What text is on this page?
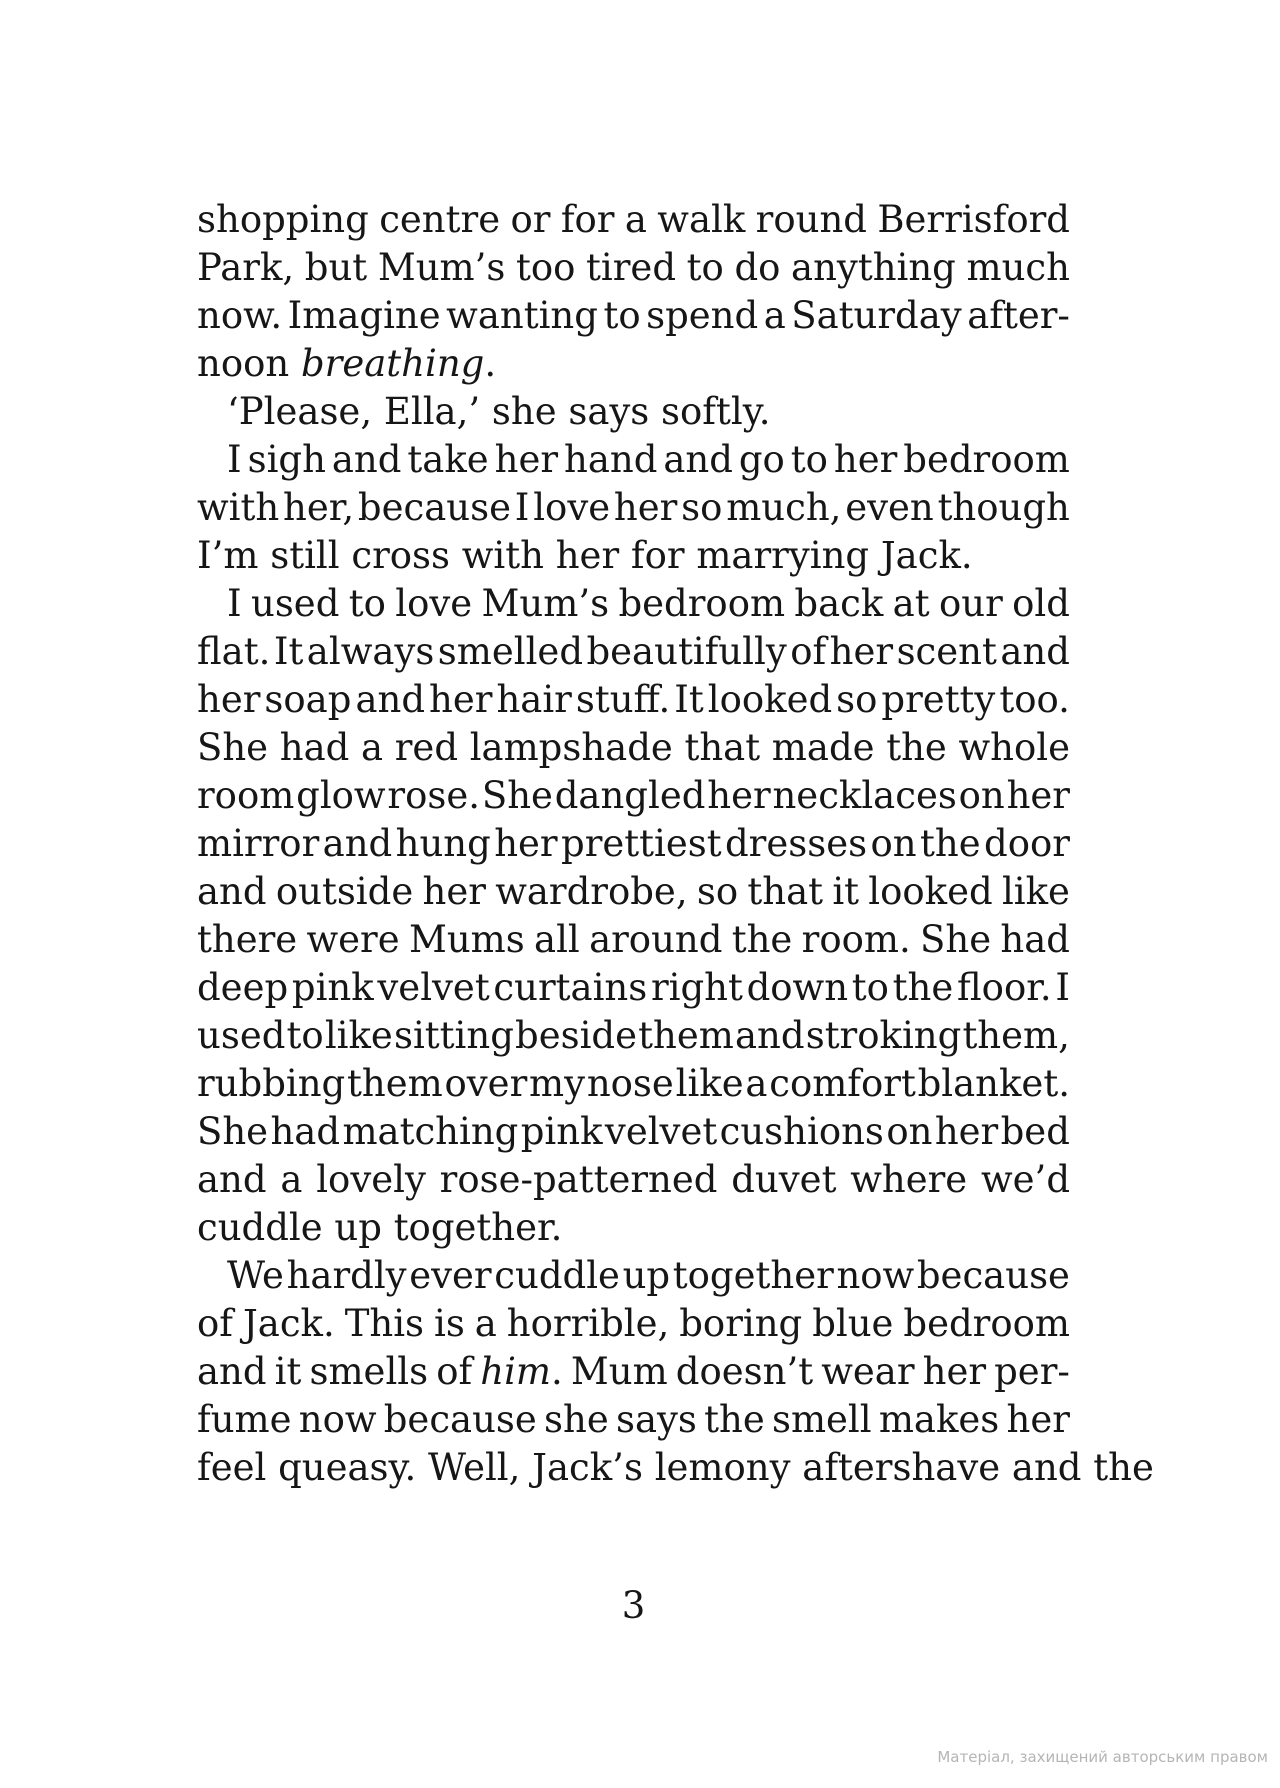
shopping centre or for a walk round Berrisford
Park, but Mum’s too tired to do anything much
now. Imagine wanting to spend a Saturday after-
noon breathing.
‘Please, Ella,’ she says softly.
I sigh and take her hand and go to her bedroom
with her, because I love her so much, even though
I’m still cross with her for marrying Jack.
I used to love Mum’s bedroom back at our old
flat. It always smelled beautifully of her scent and
her soap and her hair stuff. It looked so pretty too.
She had a red lampshade that made the whole
room glow rose. She dangled her necklaces on her
mirror and hung her prettiest dresses on the door
and outside her wardrobe, so that it looked like
there were Mums all around the room. She had
deep pink velvet curtains right down to the floor. I
used to like sitting beside them and stroking them,
rubbing them over my nose like a comfort blanket.
She had matching pink velvet cushions on her bed
and a lovely rose-patterned duvet where we’d
cuddle up together.
We hardly ever cuddle up together now because
of Jack. This is a horrible, boring blue bedroom
and it smells of him. Mum doesn’t wear her per-
fume now because she says the smell makes her
feel queasy. Well, Jack’s lemony aftershave and the
3
Матеріал, захищений авторським правом
